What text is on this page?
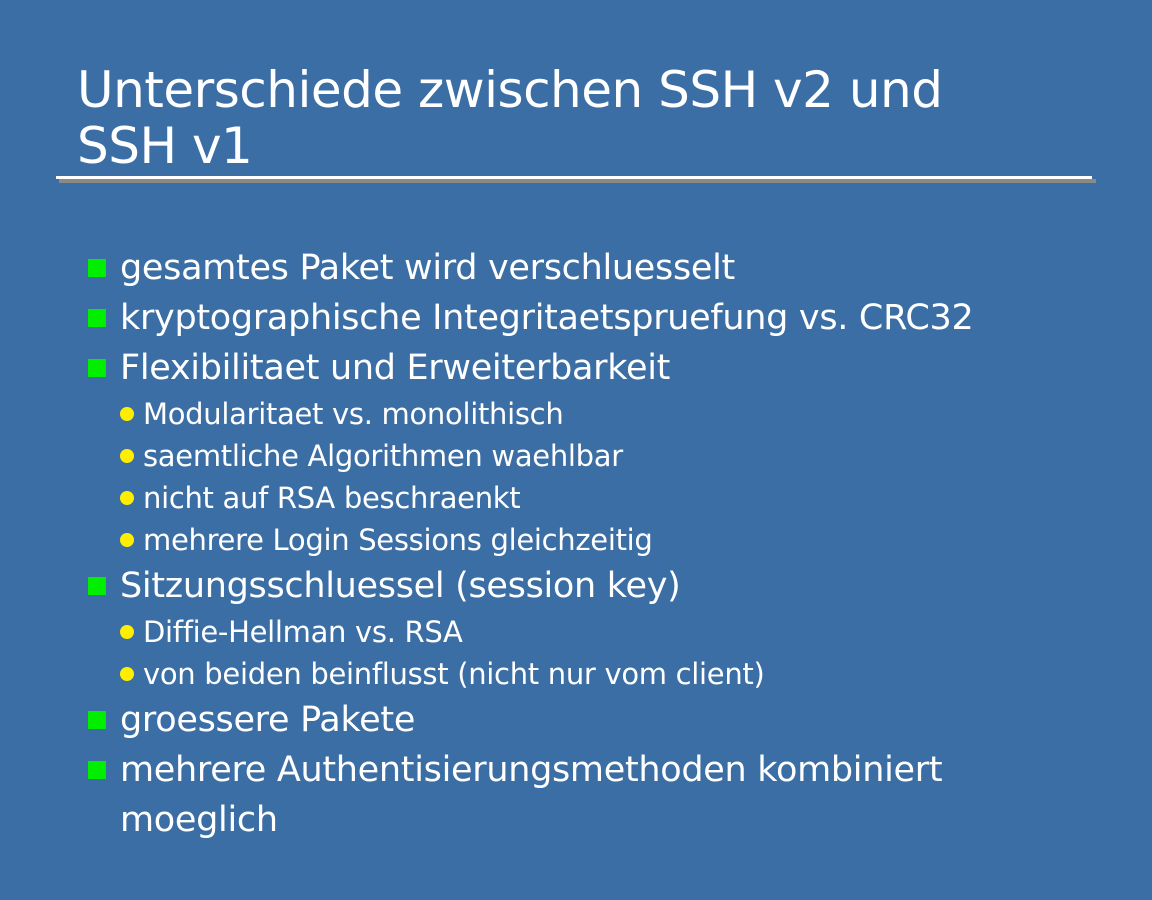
Unterschiede zwischen SSH v2 und
SSH v1
gesamtes Paket wird verschluesselt
kryptographische Integritaetspruefung vs. CRC32
Flexibilitaet und Erweiterbarkeit
Modularitaet vs. monolithisch
saemtliche Algorithmen waehlbar
nicht auf RSA beschraenkt
mehrere Login Sessions gleichzeitig
Sitzungsschluessel (session key)
Diffie-Hellman vs. RSA
von beiden beinflusst (nicht nur vom client)
groessere Pakete
mehrere Authentisierungsmethoden kombiniert moeglich
